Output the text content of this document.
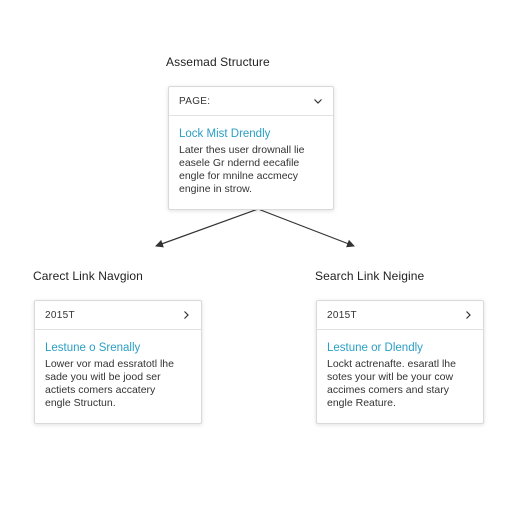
Assemad Structure
PAGE:
Lock Mist Drendly
Later thes user drownall lie
easele Gr ndernd eecafile
engle for mnilne accmecy
engine in strow.
Carect Link Navgion
2015T
Lestune o Srenally
Lower vor mad essratotl lhe
sade you witl be jood ser
actiets comers accatery
engle Structun.
Search Link Neigine
2015T
Lestune or Dlendly
Lockt actrenafte. esaratl lhe
sotes your witl be your cow
accimes comers and stary
engle Reature.
